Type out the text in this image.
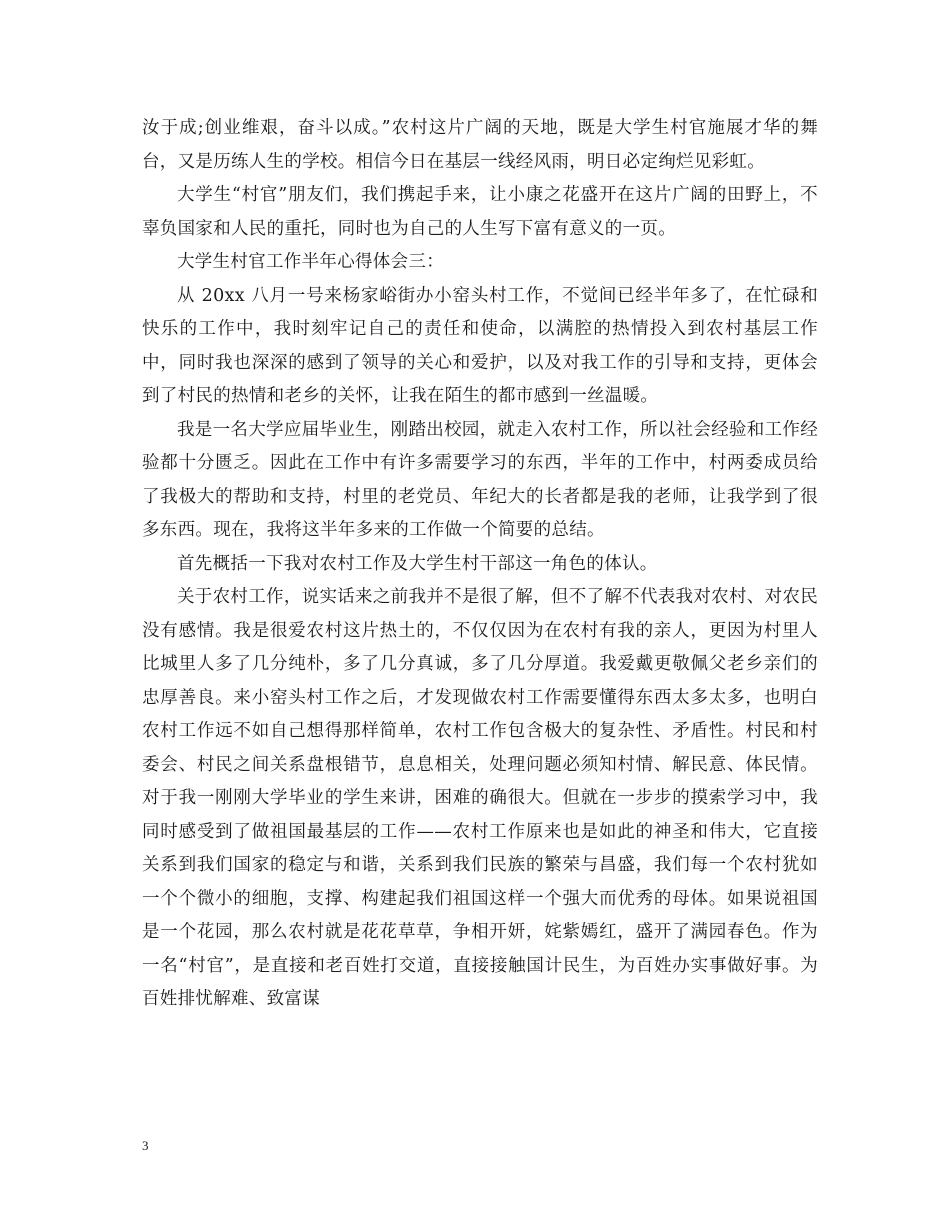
汝于成;创业维艰，奋斗以成。”农村这片广阔的天地，既是大学生村官施展才华的舞台，又是历练人生的学校。相信今日在基层一线经风雨，明日必定绚烂见彩虹。

大学生“村官”朋友们，我们携起手来，让小康之花盛开在这片广阔的田野上，不辜负国家和人民的重托，同时也为自己的人生写下富有意义的一页。

大学生村官工作半年心得体会三：

从 20xx 八月一号来杨家峪街办小窑头村工作，不觉间已经半年多了，在忙碌和快乐的工作中，我时刻牢记自己的责任和使命，以满腔的热情投入到农村基层工作中，同时我也深深的感到了领导的关心和爱护，以及对我工作的引导和支持，更体会到了村民的热情和老乡的关怀，让我在陌生的都市感到一丝温暖。

我是一名大学应届毕业生，刚踏出校园，就走入农村工作，所以社会经验和工作经验都十分匮乏。因此在工作中有许多需要学习的东西，半年的工作中，村两委成员给了我极大的帮助和支持，村里的老党员、年纪大的长者都是我的老师，让我学到了很多东西。现在，我将这半年多来的工作做一个简要的总结。

首先概括一下我对农村工作及大学生村干部这一角色的体认。

关于农村工作，说实话来之前我并不是很了解，但不了解不代表我对农村、对农民没有感情。我是很爱农村这片热土的，不仅仅因为在农村有我的亲人，更因为村里人比城里人多了几分纯朴，多了几分真诚，多了几分厚道。我爱戴更敬佩父老乡亲们的忠厚善良。来小窑头村工作之后，才发现做农村工作需要懂得东西太多太多，也明白农村工作远不如自己想得那样简单，农村工作包含极大的复杂性、矛盾性。村民和村委会、村民之间关系盘根错节，息息相关，处理问题必须知村情、解民意、体民情。对于我一刚刚大学毕业的学生来讲，困难的确很大。但就在一步步的摸索学习中，我同时感受到了做祖国最基层的工作——农村工作原来也是如此的神圣和伟大，它直接关系到我们国家的稳定与和谐，关系到我们民族的繁荣与昌盛，我们每一个农村犹如一个个微小的细胞，支撑、构建起我们祖国这样一个强大而优秀的母体。如果说祖国是一个花园，那么农村就是花花草草，争相开妍，姹紫嫣红，盛开了满园春色。作为一名“村官”，是直接和老百姓打交道，直接接触国计民生，为百姓办实事做好事。为百姓排忧解难、致富谋

3
